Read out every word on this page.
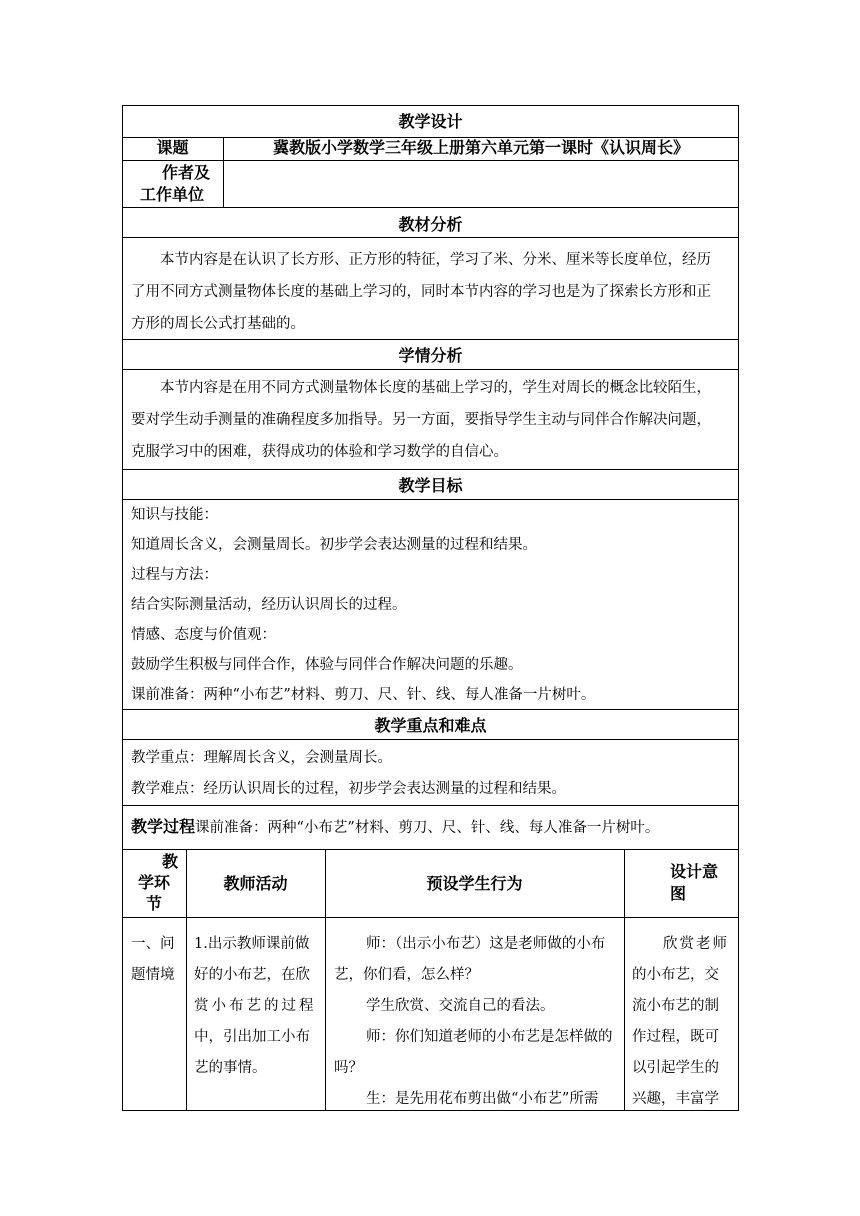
教学设计
课题	冀教版小学数学三年级上册第六单元第一课时《认识周长》
作者及
工作单位
教材分析
本节内容是在认识了长方形、正方形的特征，学习了米、分米、厘米等长度单位，经历
了用不同方式测量物体长度的基础上学习的，同时本节内容的学习也是为了探索长方形和正
方形的周长公式打基础的。
学情分析
本节内容是在用不同方式测量物体长度的基础上学习的，学生对周长的概念比较陌生，
要对学生动手测量的准确程度多加指导。另一方面，要指导学生主动与同伴合作解决问题，
克服学习中的困难，获得成功的体验和学习数学的自信心。
教学目标
知识与技能：
知道周长含义，会测量周长。初步学会表达测量的过程和结果。
过程与方法：
结合实际测量活动，经历认识周长的过程。
情感、态度与价值观：
鼓励学生积极与同伴合作，体验与同伴合作解决问题的乐趣。
课前准备：两种“小布艺”材料、剪刀、尺、针、线、每人准备一片树叶。
教学重点和难点
教学重点：理解周长含义，会测量周长。
教学难点：经历认识周长的过程，初步学会表达测量的过程和结果。
教学过程课前准备：两种“小布艺”材料、剪刀、尺、针、线、每人准备一片树叶。
教
学环
节
教师活动	预设学生行为
设计意
图
一、问
题情境
1.出示教师课前做
好的小布艺，在欣
赏小布艺的过程
中，引出加工小布
艺的事情。
师：（出示小布艺）这是老师做的小布
艺，你们看，怎么样？
学生欣赏、交流自己的看法。
师：你们知道老师的小布艺是怎样做的
吗？
生：是先用花布剪出做“小布艺”所需
欣赏老师
的小布艺，交
流小布艺的制
作过程，既可
以引起学生的
兴趣，丰富学
